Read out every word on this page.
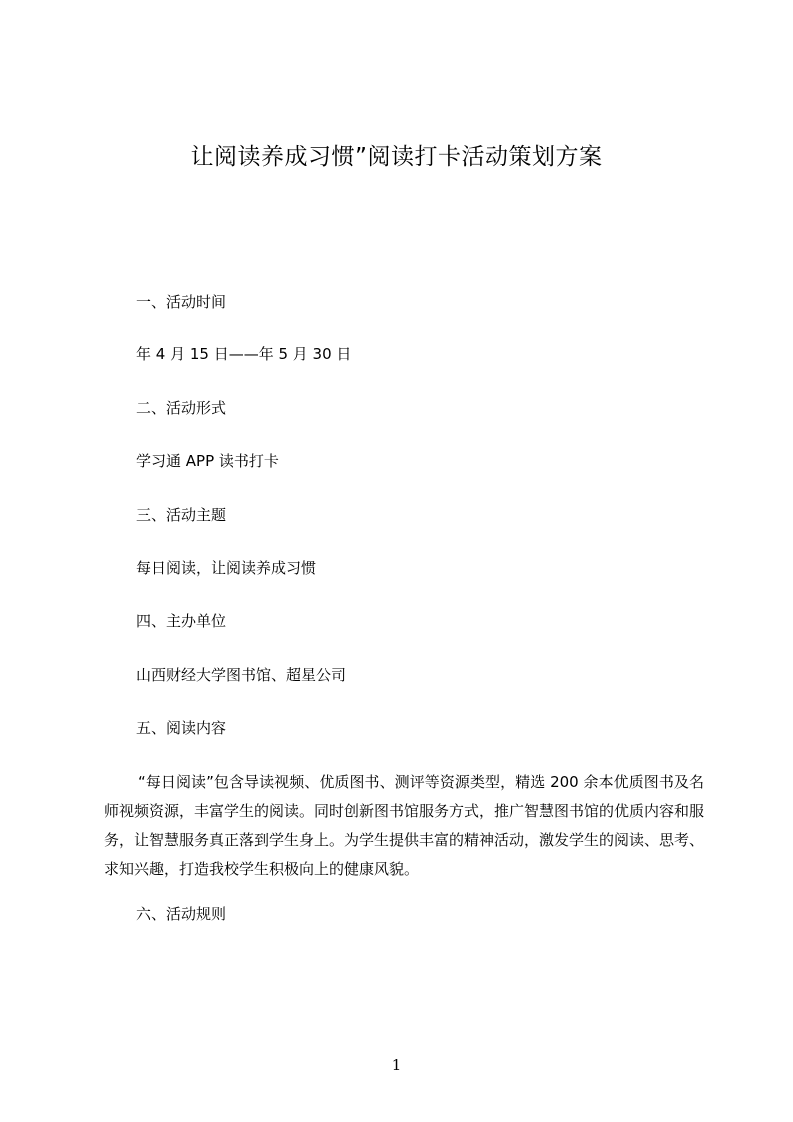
让阅读养成习惯”阅读打卡活动策划方案
一、活动时间
年 4 月 15 日——年 5 月 30 日
二、活动形式
学习通 APP 读书打卡
三、活动主题
每日阅读，让阅读养成习惯
四、主办单位
山西财经大学图书馆、超星公司
五、阅读内容

“每日阅读”包含导读视频、优质图书、测评等资源类型，精选 200 余本优质图书及名师视频资源，丰富学生的阅读。同时创新图书馆服务方式，推广智慧图书馆的优质内容和服务，让智慧服务真正落到学生身上。为学生提供丰富的精神活动，激发学生的阅读、思考、求知兴趣，打造我校学生积极向上的健康风貌。

六、活动规则
1
